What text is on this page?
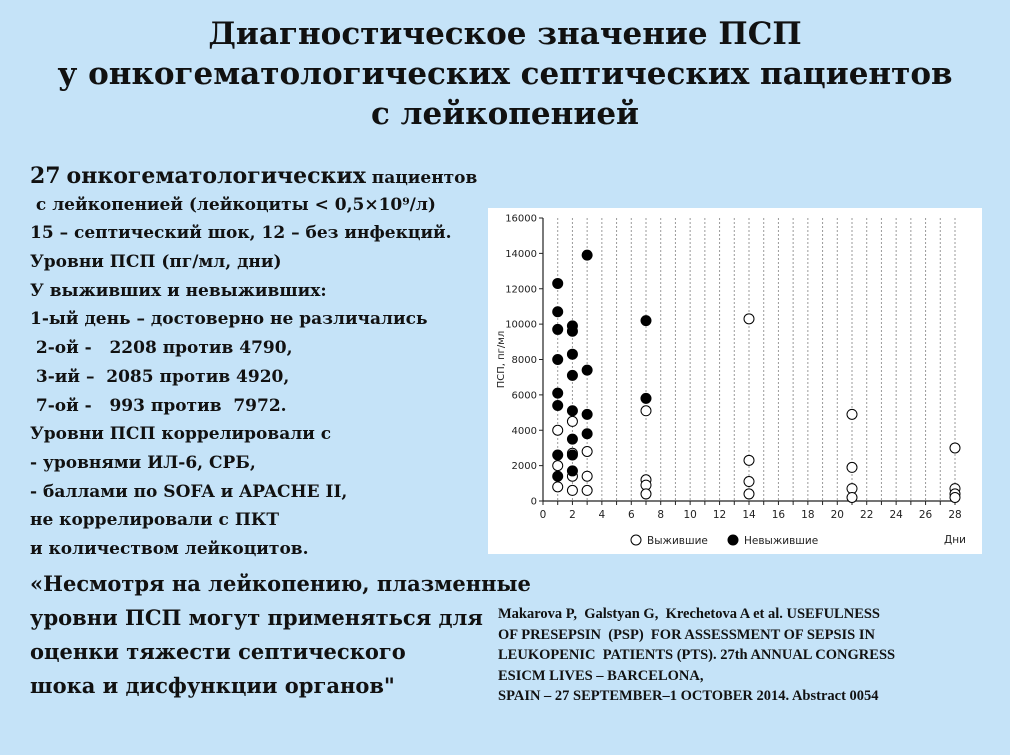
Диагностическое значение ПСП
у онкогематологических септических пациентов
с лейкопенией
27 онкогематологических пациентов
с лейкопенией (лейкоциты < 0,5×10⁹/л)
15 – септический шок, 12 – без инфекций.
Уровни ПСП (пг/мл, дни)
У выживших и невыживших:
1-ый день – достоверно не различались
2-ой -   2208 против 4790,
3-ий –  2085 против 4920,
7-ой -   993 против  7972.
Уровни ПСП коррелировали с
- уровнями ИЛ-6, СРБ,
- баллами по SOFA и APACHE II,
не коррелировали с ПКТ
и количеством лейкоцитов.
«Несмотря на лейкопению, плазменные
уровни ПСП могут применяться для
оценки тяжести септического
шока и дисфункции органов"
Makarova P,  Galstyan G,  Krechetova A et al. USEFULNESS
OF PRESEPSIN  (PSP)  FOR ASSESSMENT OF SEPSIS IN
LEUKOPENIC  PATIENTS (PTS). 27th ANNUAL CONGRESS
ESICM LIVES – BARCELONA,
SPAIN – 27 SEPTEMBER–1 OCTOBER 2014. Abstract 0054
0
2000
4000
6000
8000
10000
12000
14000
16000
0 2 4 6 8 10 12 14 16 18 20 22 24 26 28
ПСП, пг/мл
Дни
Выжившие	Невыжившие
